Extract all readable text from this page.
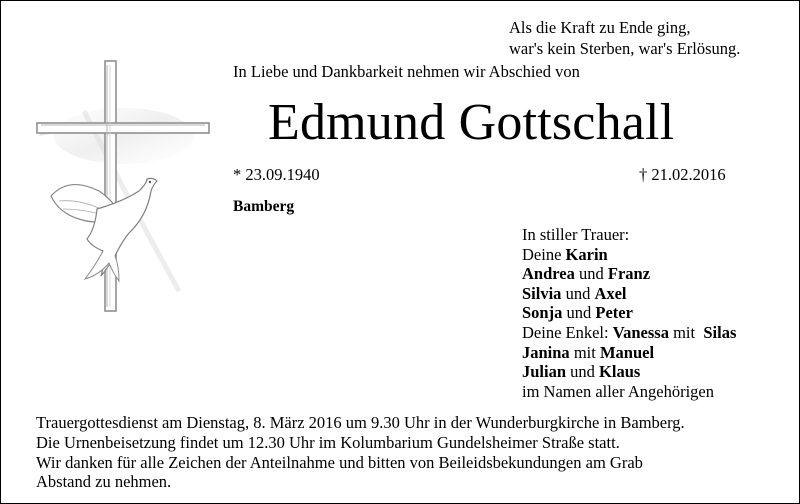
Als die Kraft zu Ende ging,
war's kein Sterben, war's Erlösung.
In Liebe und Dankbarkeit nehmen wir Abschied von
Edmund Gottschall
* 23.09.1940	† 21.02.2016
Bamberg
In stiller Trauer:
Deine Karin
Andrea und Franz
Silvia und Axel
Sonja und Peter
Deine Enkel: Vanessa mit  Silas
Janina mit Manuel
Julian und Klaus
im Namen aller Angehörigen
Trauergottesdienst am Dienstag, 8. März 2016 um 9.30 Uhr in der Wunderburgkirche in Bamberg.
Die Urnenbeisetzung findet um 12.30 Uhr im Kolumbarium Gundelsheimer Straße statt.
Wir danken für alle Zeichen der Anteilnahme und bitten von Beileidsbekundungen am Grab
Abstand zu nehmen.
